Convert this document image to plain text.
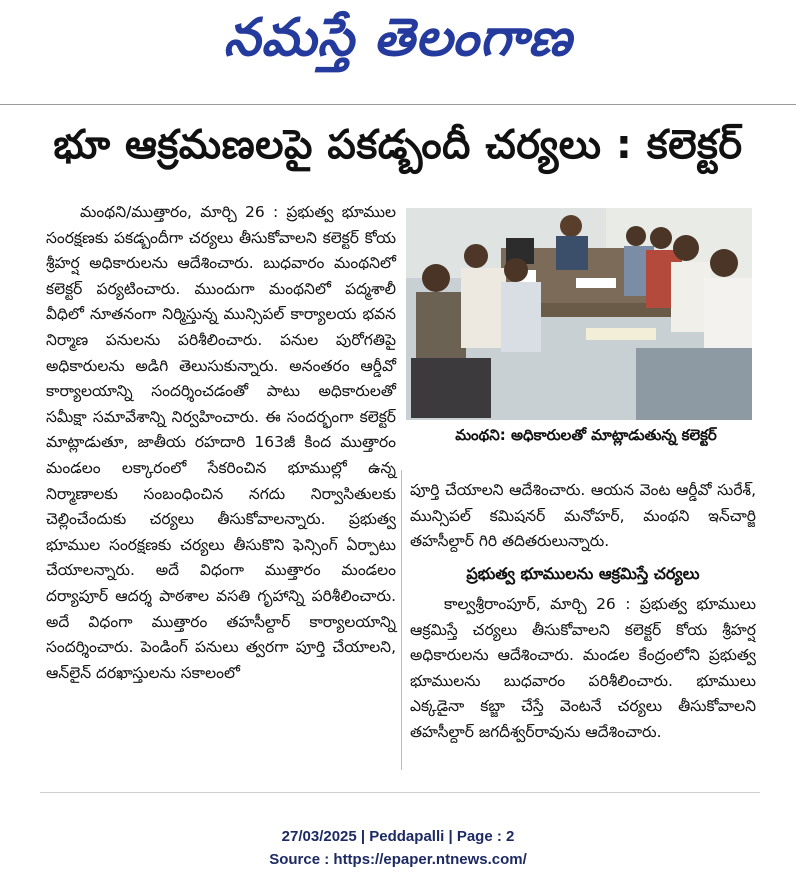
నమస్తే తెలంగాణ
భూ ఆక్రమణలపై పకడ్బందీ చర్యలు : కలెక్టర్

మంథని/ముత్తారం, మార్చి 26 : ప్రభుత్వ భూముల సంరక్షణకు పకడ్బందీగా చర్యలు తీసుకోవాలని కలెక్టర్ కోయ శ్రీహర్ష అధికారులను ఆదేశించారు. బుధవారం మంథనిలో కలెక్టర్ పర్యటించారు. ముందుగా మంథనిలో పద్మశాలీ వీధిలో నూతనంగా నిర్మిస్తున్న మున్సిపల్ కార్యాలయ భవన నిర్మాణ పనులను పరిశీలించారు. పనుల పురోగతిపై అధికారులను అడిగి తెలుసుకున్నారు. అనంతరం ఆర్డీవో కార్యాలయాన్ని సందర్శించడంతో పాటు అధికారులతో సమీక్షా సమావేశాన్ని నిర్వహించారు. ఈ సందర్భంగా కలెక్టర్ మాట్లాడుతూ, జాతీయ రహదారి 163జీ కింద ముత్తారం మండలం లక్కారంలో సేకరించిన భూముల్లో ఉన్న నిర్మాణాలకు సంబంధించిన నగదు నిర్వాసితులకు చెల్లించేందుకు చర్యలు తీసుకోవాలన్నారు. ప్రభుత్వ భూముల సంరక్షణకు చర్యలు తీసుకొని ఫెన్సింగ్ ఏర్పాటు చేయాలన్నారు. అదే విధంగా ముత్తారం మండలం దర్యాపూర్ ఆదర్శ పాఠశాల వసతి గృహాన్ని పరిశీలించారు. అదే విధంగా ముత్తారం తహసీల్దార్ కార్యాలయాన్ని సందర్శించారు. పెండింగ్ పనులు త్వరగా పూర్తి చేయాలని, ఆన్‌లైన్ దరఖాస్తులను సకాలంలో

మంథని: అధికారులతో మాట్లాడుతున్న కలెక్టర్

పూర్తి చేయాలని ఆదేశించారు. ఆయన వెంట ఆర్డీవో సురేశ్, మున్సిపల్ కమిషనర్ మనోహర్, మంథని ఇన్‌చార్జి తహసీల్దార్ గిరి తదితరులున్నారు.

ప్రభుత్వ భూములను ఆక్రమిస్తే చర్యలు

కాల్వశ్రీరాంపూర్, మార్చి 26 : ప్రభుత్వ భూములు ఆక్రమిస్తే చర్యలు తీసుకోవాలని కలెక్టర్ కోయ శ్రీహర్ష అధికారులను ఆదేశించారు. మండల కేంద్రంలోని ప్రభుత్వ భూములను బుధవారం పరిశీలించారు. భూములు ఎక్కడైనా కబ్జా చేస్తే వెంటనే చర్యలు తీసుకోవాలని తహసీల్దార్ జగదీశ్వర్‌రావును ఆదేశించారు.

27/03/2025 | Peddapalli | Page : 2
Source : https://epaper.ntnews.com/
